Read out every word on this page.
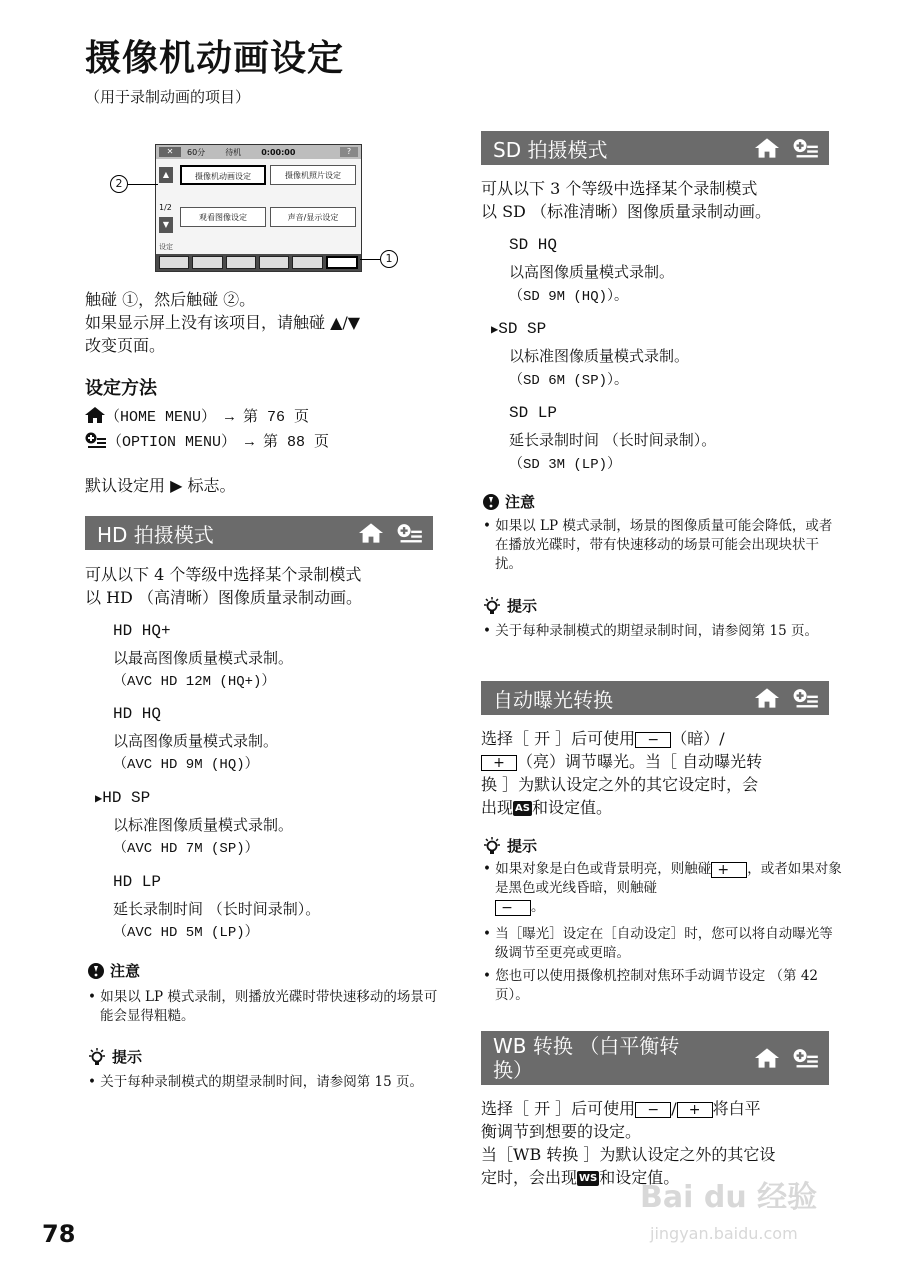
摄像机动画设定
（用于录制动画的项目）
✕	60分	待机	0:00:00	?
▲
1/2
▼
摄像机动画设定	摄像机照片设定
观看图像设定	声音/显示设定
设定
2
1

触碰 ①，然后触碰 ②。

如果显示屏上没有该项目，请触碰 ▲/▼

改变页面。

设定方法
（HOME MENU） → 第 76 页
（OPTION MENU） → 第 88 页

默认设定用 ▶ 标志。

HD 拍摄模式

可从以下 4 个等级中选择某个录制模式

以 HD （高清晰）图像质量录制动画。

HD HQ+
以最高图像质量模式录制。
（AVC HD 12M (HQ+)）
HD HQ
以高图像质量模式录制。
（AVC HD 9M (HQ)）
▶HD SP
以标准图像质量模式录制。
（AVC HD 7M (SP)）
HD LP
延长录制时间 （长时间录制）。
（AVC HD 5M (LP)）
注意

• 如果以 LP 模式录制，则播放光碟时带快速移动的场景可能会显得粗糙。

提示

• 关于每种录制模式的期望录制时间，请参阅第 15 页。

SD 拍摄模式

可从以下 3 个等级中选择某个录制模式

以 SD （标准清晰）图像质量录制动画。

SD HQ
以高图像质量模式录制。
（SD 9M (HQ)）。
▶SD SP
以标准图像质量模式录制。
（SD 6M (SP)）。
SD LP
延长录制时间 （长时间录制）。
（SD 3M (LP)）
注意

• 如果以 LP 模式录制，场景的图像质量可能会降低，或者在播放光碟时，带有快速移动的场景可能会出现块状干扰。

提示

• 关于每种录制模式的期望录制时间，请参阅第 15 页。

自动曝光转换

选择［ 开 ］后可使用 − （暗）/

+ （亮）调节曝光。当［ 自动曝光转

换 ］为默认设定之外的其它设定时，会

出现 AS 和设定值。

提示

• 如果对象是白色或背景明亮，则触碰 + ，或者如果对象是黑色或光线昏暗，则触碰
− 。

• 当［曝光］设定在［自动设定］时，您可以将自动曝光等级调节至更亮或更暗。

• 您也可以使用摄像机控制对焦环手动调节设定 （第 42 页）。

WB 转换 （白平衡转换）

选择［ 开 ］后可使用 − / + 将白平

衡调节到想要的设定。

当［WB 转换 ］为默认设定之外的其它设

定时，会出现 WS 和设定值。

78
Bai du 经验
jingyan.baidu.com
